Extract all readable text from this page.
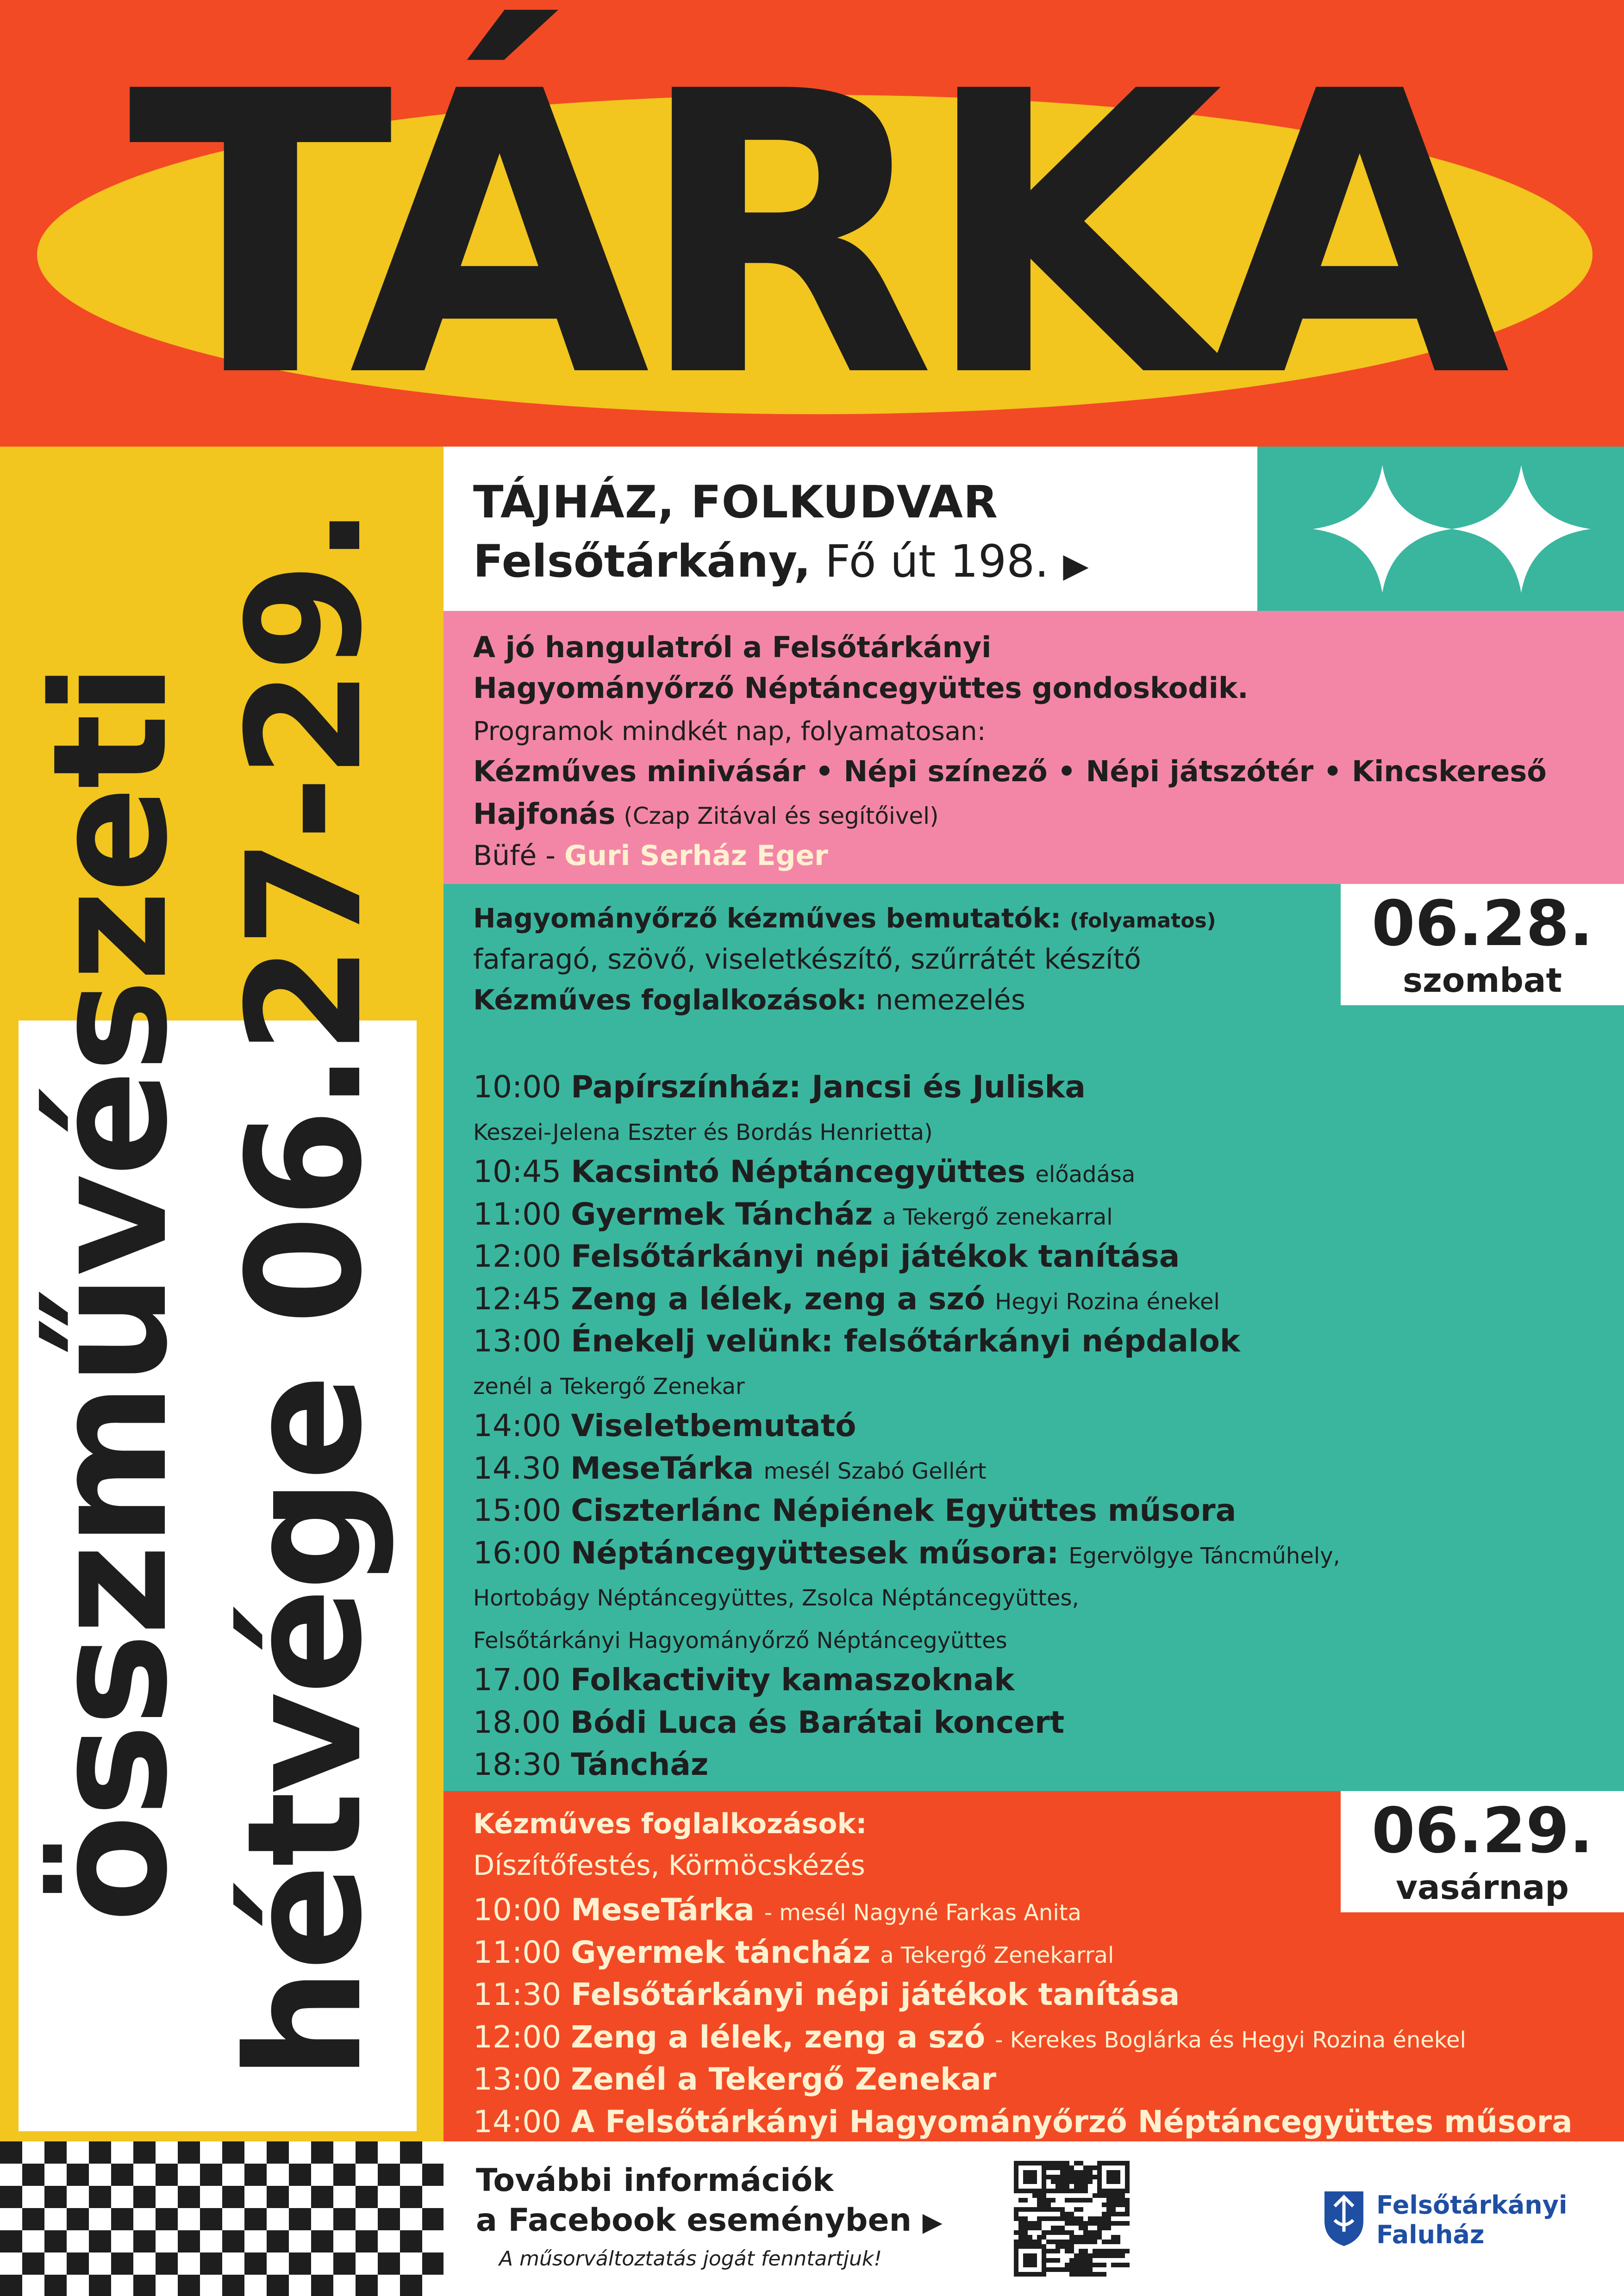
TÁRKA
összművészeti hétvége 06.27-29.
TÁJHÁZ, FOLKUDVAR
Felsőtárkány, Fő út 198. ▶
A jó hangulatról a Felsőtárkányi
Hagyományőrző Néptáncegyüttes gondoskodik.
Programok mindkét nap, folyamatosan:
Kézműves minivásár • Népi színező • Népi játszótér • Kincskereső
Hajfonás (Czap Zitával és segítőivel)
Büfé - Guri Serház Eger
06.28.
szombat
Hagyományőrző kézműves bemutatók: (folyamatos)
fafaragó, szövő, viseletkészítő, szűrrátét készítő
Kézműves foglalkozások: nemezelés
10:00 Papírszínház: Jancsi és Juliska
Keszei-Jelena Eszter és Bordás Henrietta)
10:45 Kacsintó Néptáncegyüttes előadása
11:00 Gyermek Táncház a Tekergő zenekarral
12:00 Felsőtárkányi népi játékok tanítása
12:45 Zeng a lélek, zeng a szó Hegyi Rozina énekel
13:00 Énekelj velünk: felsőtárkányi népdalok
zenél a Tekergő Zenekar
14:00 Viseletbemutató
14.30 MeseTárka mesél Szabó Gellért
15:00 Ciszterlánc Népiének Együttes műsora
16:00 Néptáncegyüttesek műsora: Egervölgye Táncműhely,
Hortobágy Néptáncegyüttes, Zsolca Néptáncegyüttes,
Felsőtárkányi Hagyományőrző Néptáncegyüttes
17.00 Folkactivity kamaszoknak
18.00 Bódi Luca és Barátai koncert
18:30 Táncház
06.29.
vasárnap
Kézműves foglalkozások:
Díszítőfestés, Körmöcskézés
10:00 MeseTárka - mesél Nagyné Farkas Anita
11:00 Gyermek táncház a Tekergő Zenekarral
11:30 Felsőtárkányi népi játékok tanítása
12:00 Zeng a lélek, zeng a szó - Kerekes Boglárka és Hegyi Rozina énekel
13:00 Zenél a Tekergő Zenekar
14:00 A Felsőtárkányi Hagyományőrző Néptáncegyüttes műsora
További információk
a Facebook eseményben ▶
A műsorváltoztatás jogát fenntartjuk!
Felsőtárkányi
Faluház
